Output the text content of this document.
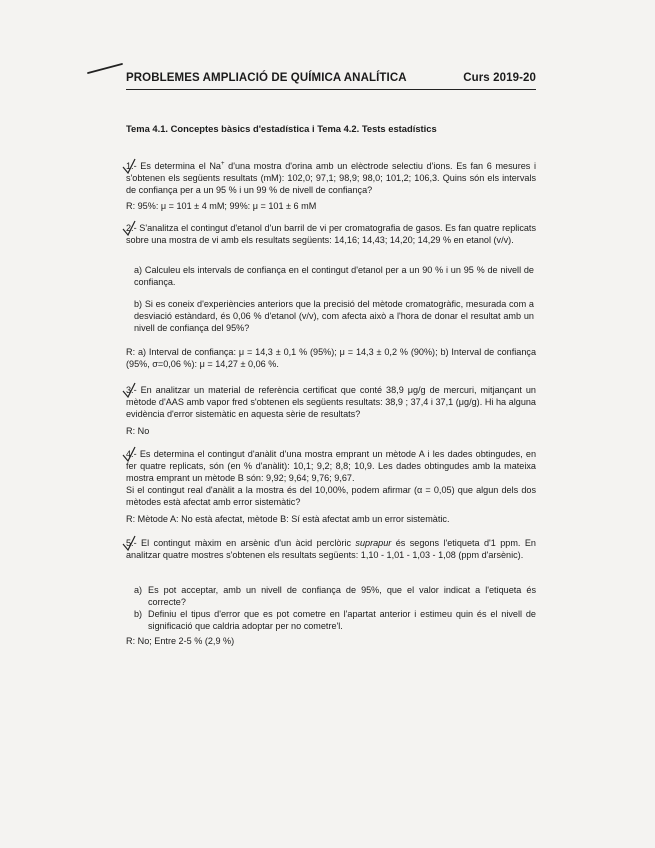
PROBLEMES AMPLIACIÓ DE QUÍMICA ANALÍTICA	Curs 2019-20
Tema 4.1. Conceptes bàsics d'estadística i Tema 4.2. Tests estadístics

1.- Es determina el Na+ d'una mostra d'orina amb un elèctrode selectiu d'ions. Es fan 6 mesures i s'obtenen els següents resultats (mM): 102,0; 97,1; 98,9; 98,0; 101,2; 106,3. Quins són els intervals de confiança per a un 95 % i un 99 % de nivell de confiança?

R: 95%: μ = 101 ± 4 mM; 99%: μ = 101 ± 6 mM

2.- S'analitza el contingut d'etanol d'un barril de vi per cromatografia de gasos. Es fan quatre replicats sobre una mostra de vi amb els resultats següents: 14,16; 14,43; 14,20; 14,29 % en etanol (v/v).

a) Calculeu els intervals de confiança en el contingut d'etanol per a un 90 % i un 95 % de nivell de confiança.
b) Si es coneix d'experiències anteriors que la precisió del mètode cromatogràfic, mesurada com a desviació estàndard, és 0,06 % d'etanol (v/v), com afecta això a l'hora de donar el resultat amb un nivell de confiança del 95%?
R: a) Interval de confiança: μ = 14,3 ± 0,1 % (95%); μ = 14,3 ± 0,2 % (90%); b) Interval de confiança (95%, σ=0,06 %): μ = 14,27 ± 0,06 %.

3.- En analitzar un material de referència certificat que conté 38,9 μg/g de mercuri, mitjançant un mètode d'AAS amb vapor fred s'obtenen els següents resultats: 38,9 ; 37,4 i 37,1 (μg/g). Hi ha alguna evidència d'error sistemàtic en aquesta sèrie de resultats?

R: No

4.- Es determina el contingut d'anàlit d'una mostra emprant un mètode A i les dades obtingudes, en fer quatre replicats, són (en % d'anàlit): 10,1; 9,2; 8,8; 10,9. Les dades obtingudes amb la mateixa mostra emprant un mètode B són: 9,92; 9,64; 9,76; 9,67.

Si el contingut real d'anàlit a la mostra és del 10,00%, podem afirmar (α = 0,05) que algun dels dos mètodes està afectat amb error sistemàtic?

R: Mètode A: No està afectat, mètode B: Sí està afectat amb un error sistemàtic.

5.- El contingut màxim en arsènic d'un àcid perclòric suprapur és segons l'etiqueta d'1 ppm. En analitzar quatre mostres s'obtenen els resultats següents: 1,10 - 1,01 - 1,03 - 1,08 (ppm d'arsènic).

a) Es pot acceptar, amb un nivell de confiança de 95%, que el valor indicat a l'etiqueta és correcte?
b) Definiu el tipus d'error que es pot cometre en l'apartat anterior i estimeu quin és el nivell de significació que caldria adoptar per no cometre'l.
R: No; Entre 2-5 % (2,9 %)
